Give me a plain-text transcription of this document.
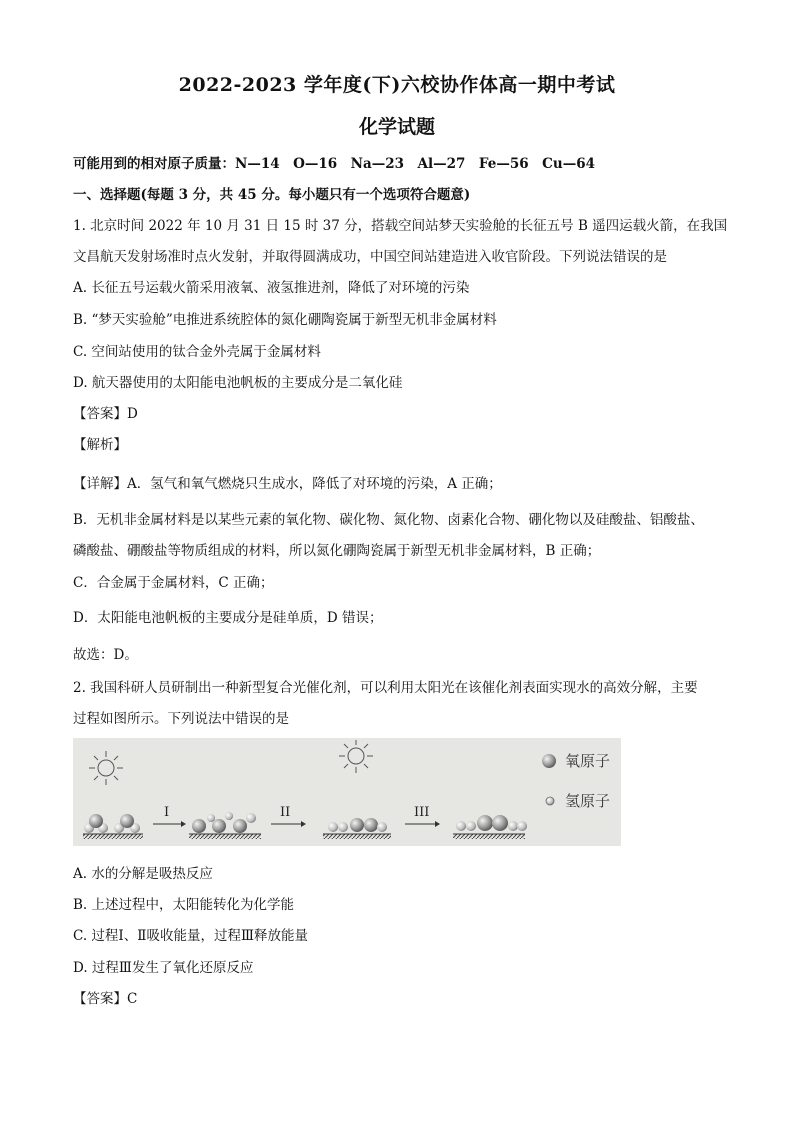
2022-2023 学年度(下)六校协作体高一期中考试
化学试题
可能用到的相对原子质量：N—14　O—16　Na—23　Al—27　Fe—56　Cu—64
一、选择题(每题 3 分，共 45 分。每小题只有一个选项符合题意)
1. 北京时间 2022 年 10 月 31 日 15 时 37 分，搭载空间站梦天实验舱的长征五号 B 遥四运载火箭，在我国
文昌航天发射场准时点火发射，并取得圆满成功，中国空间站建造进入收官阶段。下列说法错误的是
A. 长征五号运载火箭采用液氧、液氢推进剂，降低了对环境的污染
B. “梦天实验舱”电推进系统腔体的氮化硼陶瓷属于新型无机非金属材料
C. 空间站使用的钛合金外壳属于金属材料
D. 航天器使用的太阳能电池帆板的主要成分是二氧化硅
【答案】D
【解析】
【详解】A．氢气和氧气燃烧只生成水，降低了对环境的污染，A 正确；
B．无机非金属材料是以某些元素的氧化物、碳化物、氮化物、卤素化合物、硼化物以及硅酸盐、铝酸盐、
磷酸盐、硼酸盐等物质组成的材料，所以氮化硼陶瓷属于新型无机非金属材料，B 正确；
C．合金属于金属材料，C 正确；
D．太阳能电池帆板的主要成分是硅单质，D 错误；
故选：D。
2. 我国科研人员研制出一种新型复合光催化剂，可以利用太阳光在该催化剂表面实现水的高效分解，主要
过程如图所示。下列说法中错误的是
I	II	III
氧原子
氢原子
A. 水的分解是吸热反应
B. 上述过程中，太阳能转化为化学能
C. 过程Ⅰ、Ⅱ吸收能量，过程Ⅲ释放能量
D. 过程Ⅲ发生了氧化还原反应
【答案】C
